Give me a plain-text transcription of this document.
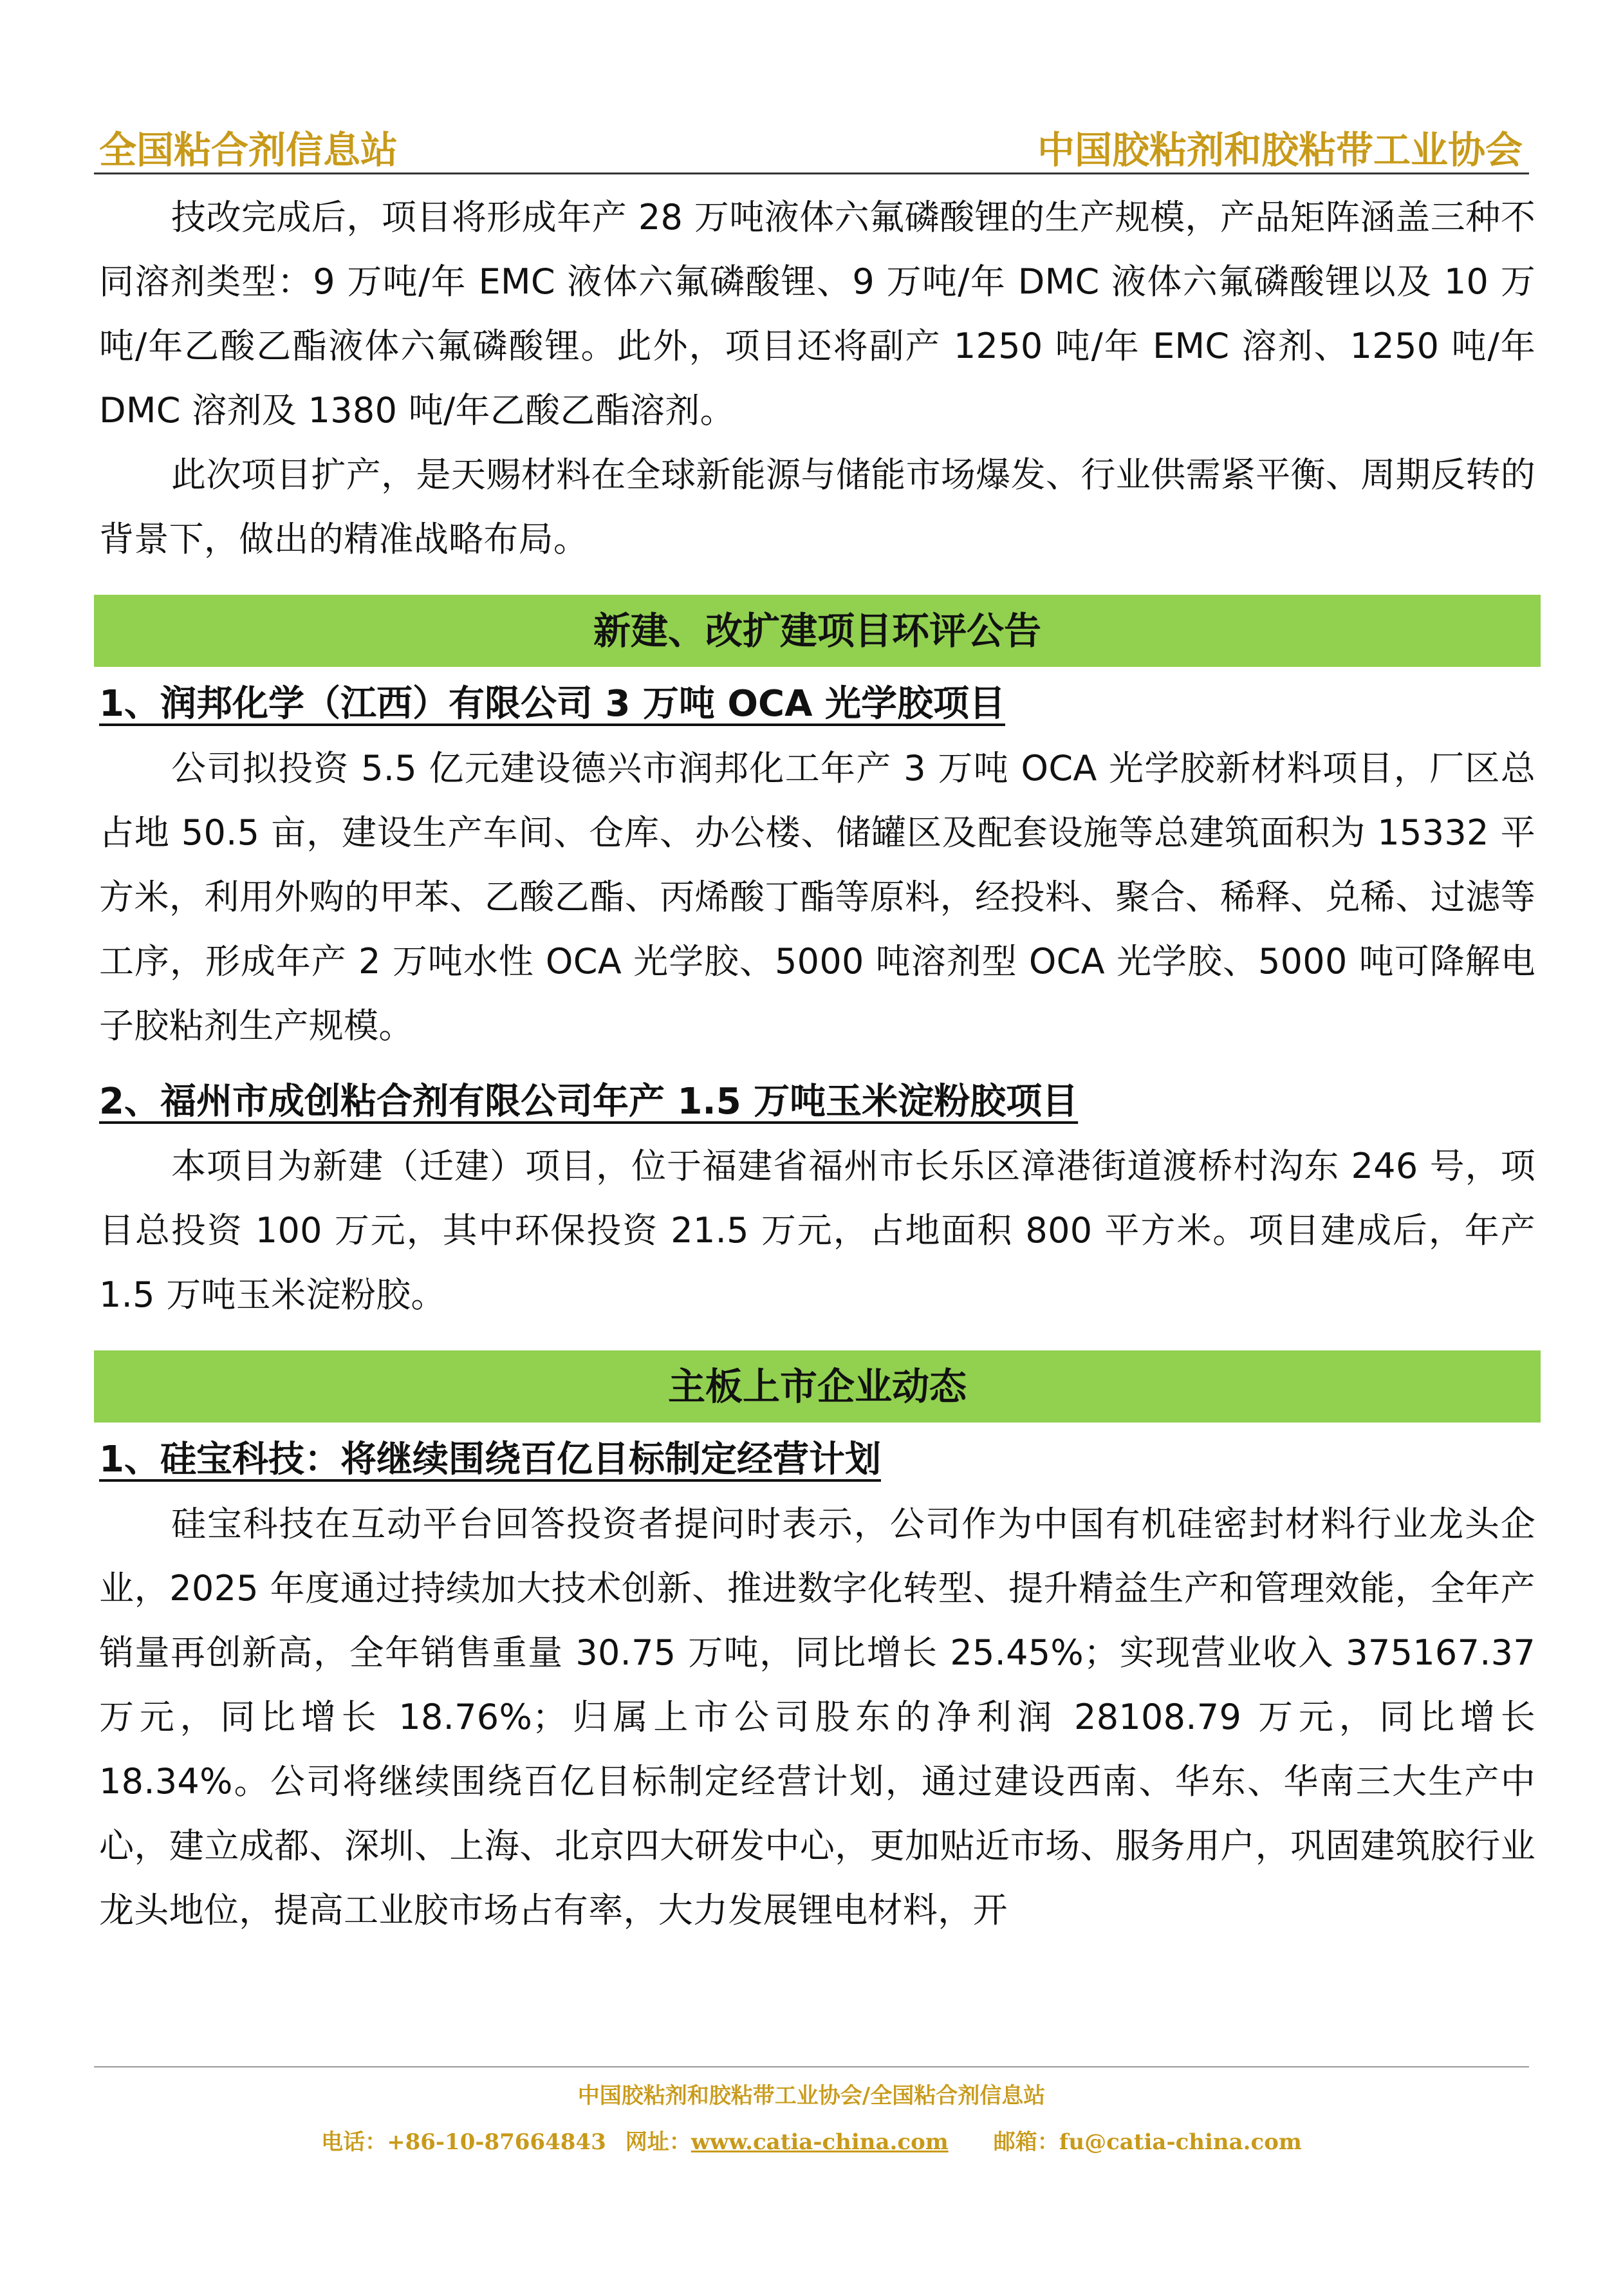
全国粘合剂信息站	中国胶粘剂和胶粘带工业协会

技改完成后，项目将形成年产 28 万吨液体六氟磷酸锂的生产规模，产品矩阵涵盖三种不同溶剂类型：9 万吨/年 EMC 液体六氟磷酸锂、9 万吨/年 DMC 液体六氟磷酸锂以及 10 万吨/年乙酸乙酯液体六氟磷酸锂。此外，项目还将副产 1250 吨/年 EMC 溶剂、1250 吨/年 DMC 溶剂及 1380 吨/年乙酸乙酯溶剂。

此次项目扩产，是天赐材料在全球新能源与储能市场爆发、行业供需紧平衡、周期反转的背景下，做出的精准战略布局。

新建、改扩建项目环评公告

1、润邦化学（江西）有限公司 3 万吨 OCA 光学胶项目

公司拟投资 5.5 亿元建设德兴市润邦化工年产 3 万吨 OCA 光学胶新材料项目，厂区总占地 50.5 亩，建设生产车间、仓库、办公楼、储罐区及配套设施等总建筑面积为 15332 平方米，利用外购的甲苯、乙酸乙酯、丙烯酸丁酯等原料，经投料、聚合、稀释、兑稀、过滤等工序，形成年产 2 万吨水性 OCA 光学胶、5000 吨溶剂型 OCA 光学胶、5000 吨可降解电子胶粘剂生产规模。

2、福州市成创粘合剂有限公司年产 1.5 万吨玉米淀粉胶项目

本项目为新建（迁建）项目，位于福建省福州市长乐区漳港街道渡桥村沟东 246 号，项目总投资 100 万元，其中环保投资 21.5 万元，占地面积 800 平方米。项目建成后，年产 1.5 万吨玉米淀粉胶。

主板上市企业动态

1、硅宝科技：将继续围绕百亿目标制定经营计划

硅宝科技在互动平台回答投资者提问时表示，公司作为中国有机硅密封材料行业龙头企业，2025 年度通过持续加大技术创新、推进数字化转型、提升精益生产和管理效能，全年产销量再创新高，全年销售重量 30.75 万吨，同比增长 25.45%；实现营业收入 375167.37 万元，同比增长 18.76%；归属上市公司股东的净利润 28108.79 万元，同比增长 18.34%。公司将继续围绕百亿目标制定经营计划，通过建设西南、华东、华南三大生产中心，建立成都、深圳、上海、北京四大研发中心，更加贴近市场、服务用户，巩固建筑胶行业龙头地位，提高工业胶市场占有率，大力发展锂电材料，开

中国胶粘剂和胶粘带工业协会/全国粘合剂信息站
电话：+86-10-87664843 网址：www.catia-china.com 邮箱：fu@catia-china.com
